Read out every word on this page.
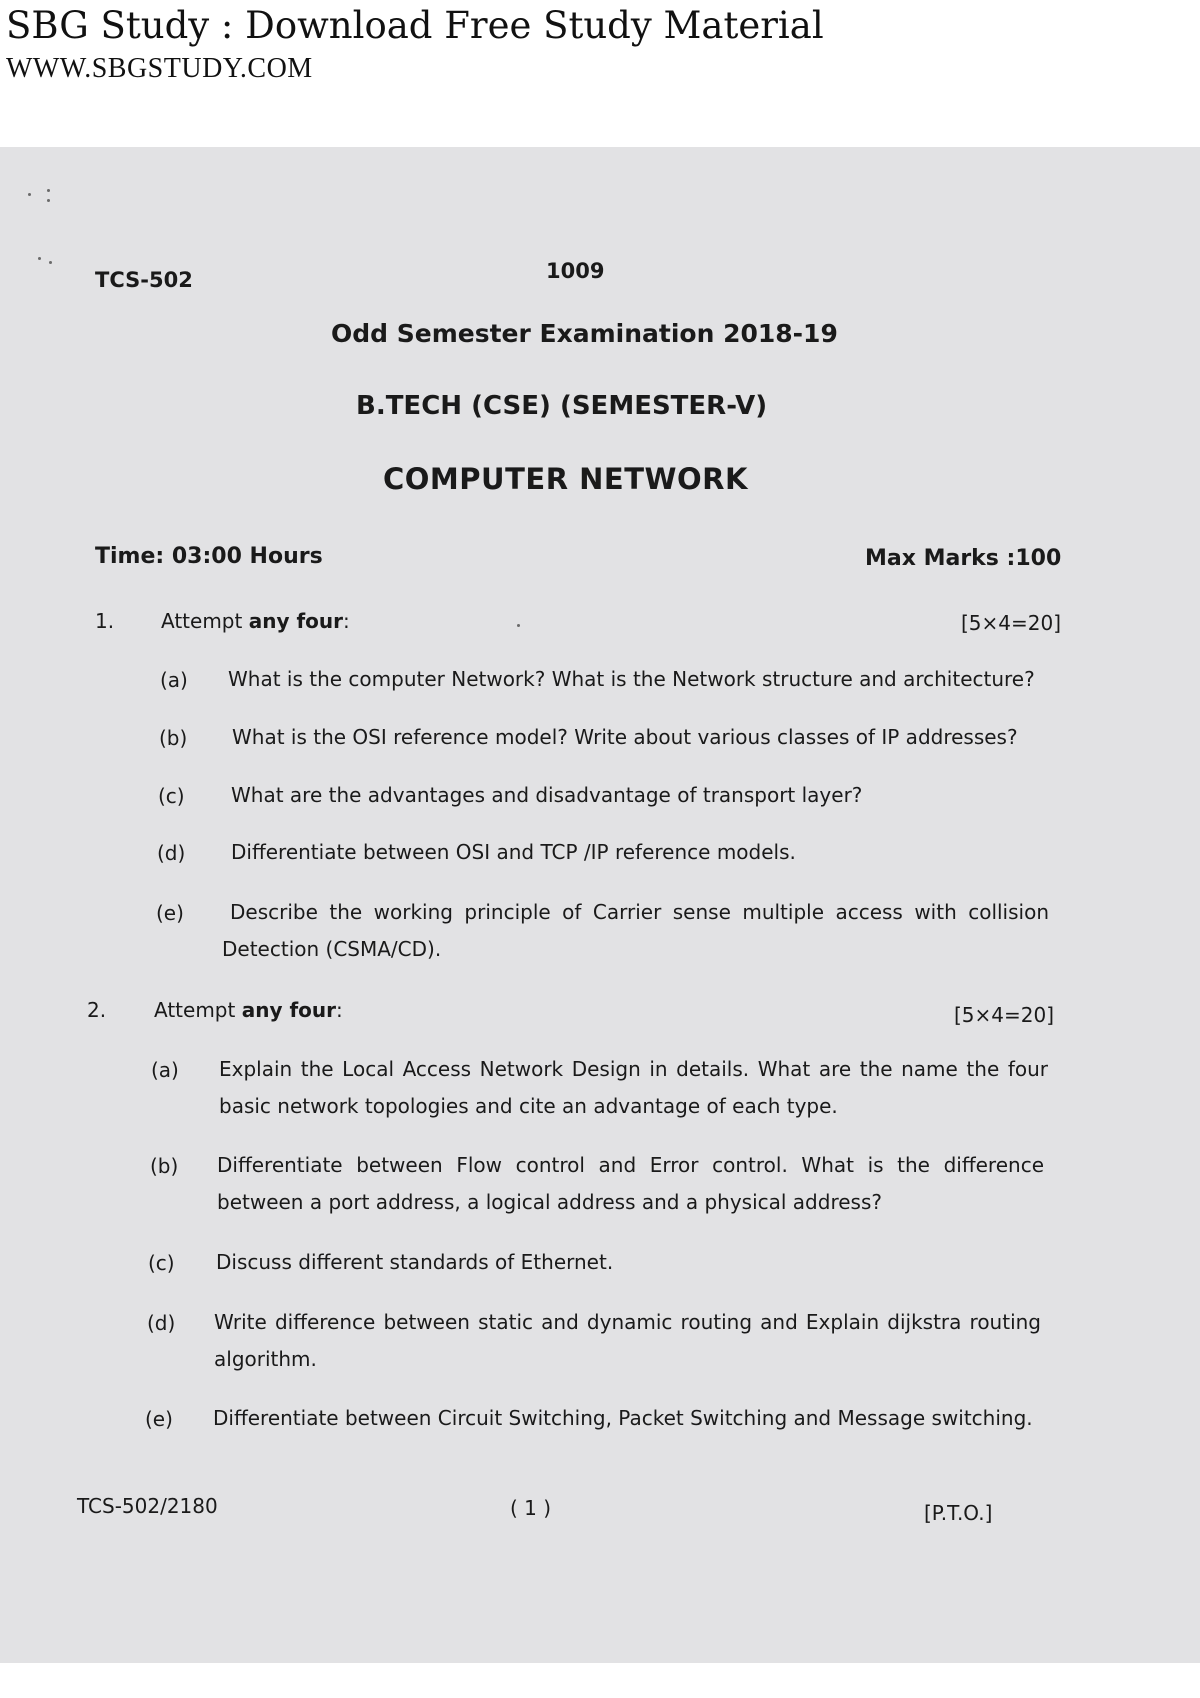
SBG Study : Download Free Study Material
WWW.SBGSTUDY.COM
TCS-502	1009
Odd Semester Examination 2018-19
B.TECH (CSE) (SEMESTER-V)
COMPUTER NETWORK
Time: 03:00 Hours	Max Marks :100
1. Attempt any four:	[5×4=20]
(a) What is the computer Network? What is the Network structure and architecture?
(b) What is the OSI reference model? Write about various classes of IP addresses?
(c) What are the advantages and disadvantage of transport layer?
(d) Differentiate between OSI and TCP /IP reference models.
(e)	Describe the working principle of Carrier sense multiple access with collision Detection (CSMA/CD).
2. Attempt any four:	[5×4=20]
(a) Explain the Local Access Network Design in details. What are the name the four basic network topologies and cite an advantage of each type.
(b) Differentiate between Flow control and Error control. What is the difference between a port address, a logical address and a physical address?
(c) Discuss different standards of Ethernet.
(d) Write difference between static and dynamic routing and Explain dijkstra routing algorithm.
(e) Differentiate between Circuit Switching, Packet Switching and Message switching.
TCS-502/2180	( 1 )	[P.T.O.]
